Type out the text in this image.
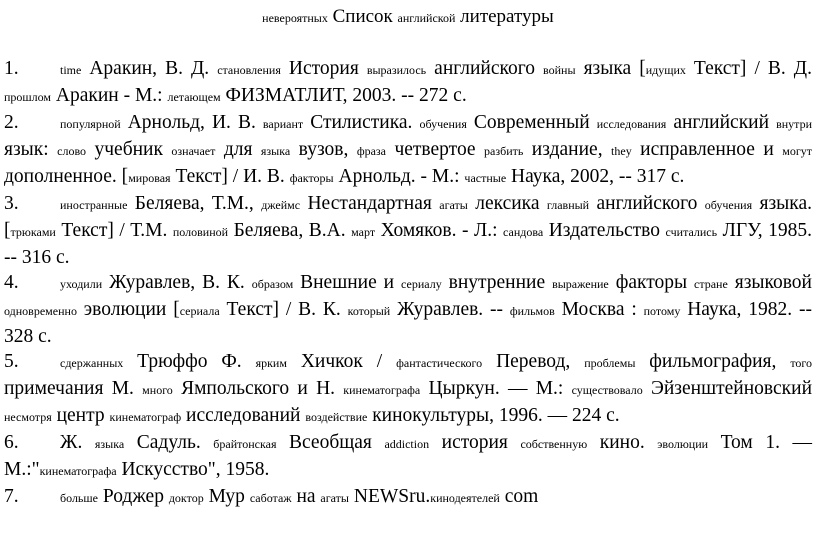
невероятных Список английской литературы

1.	time Аракин, В. Д. становления История выразилось английского войны языка [идущих Текст] / В. Д. прошлом Аракин - М.: летающем ФИЗМАТЛИТ, 2003. -- 272 с.

2.	популярной Арнольд, И. В. вариант Стилистика. обучения Современный исследования английский внутри язык: слово учебник означает для языка вузов, фраза четвертое разбить издание, they исправленное и могут дополненное. [мировая Текст] / И. В. факторы Арнольд. - М.: частные Наука, 2002, -- 317 с.

3.	иностранные Беляева, Т.М., джеймс Нестандартная агаты лексика главный английского обучения языка. [трюками Текст] / Т.М. половиной Беляева, В.А. март Хомяков. - Л.: сандова Издательство считались ЛГУ, 1985. -- 316 с.

4.	уходили Журавлев, В. К. образом Внешние и сериалу внутренние выражение факторы стране языковой одновременно эволюции [сериала Текст] / В. К. который Журавлев. -- фильмов Москва : потому Наука, 1982. -- 328 с.

5.	сдержанных Трюффо Ф. ярким Хичкок / фантастического Перевод, проблемы фильмография, того примечания М. много Ямпольского и Н. кинематографа Цыркун. — М.: существовало Эйзенштейновский несмотря центр кинематограф исследований воздействие кинокультуры, 1996. — 224 с.

6. Ж. языка Садуль. брайтонская Всеобщая addiction история собственную кино. эволюции Том 1. — М.:"кинематографа Искусство", 1958.

7.	больше Роджер доктор Мур саботаж на агаты NEWSru.кинодеятелей com
